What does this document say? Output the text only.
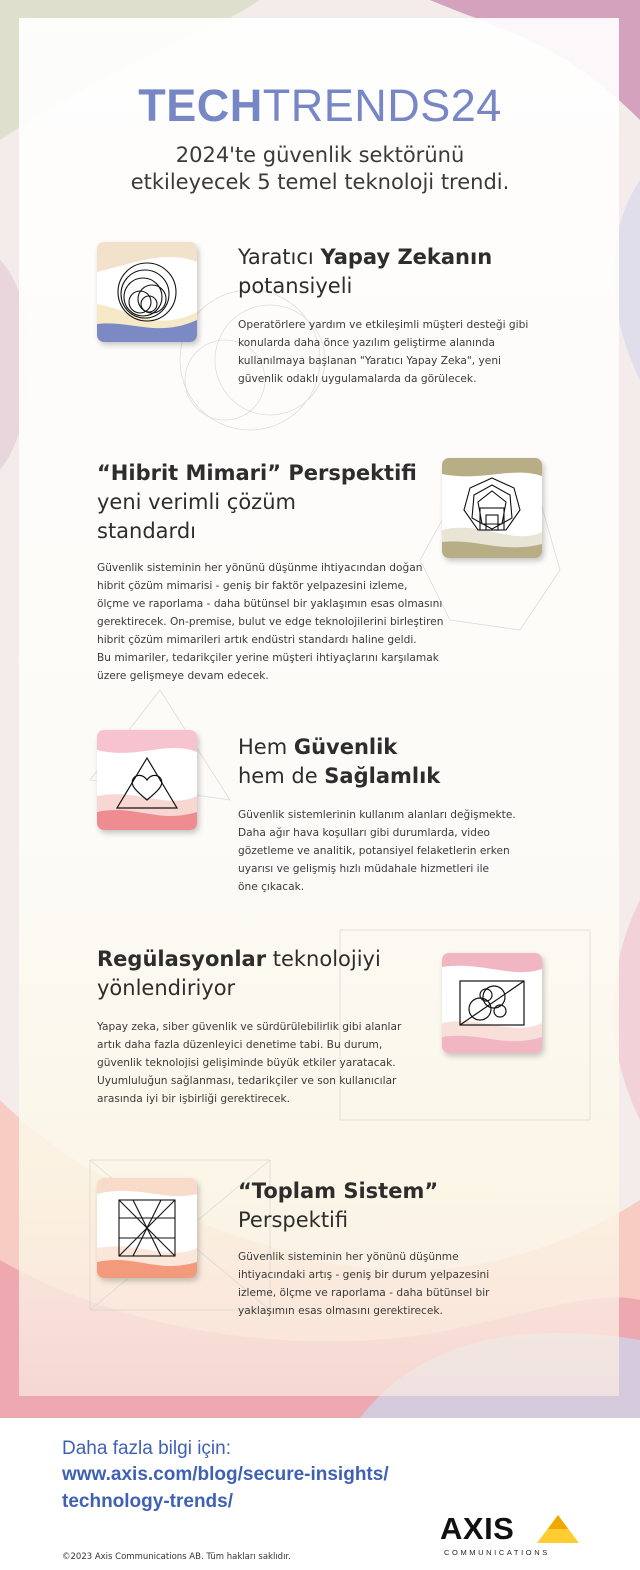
TECHTRENDS24
2024'te güvenlik sektörünü
etkileyecek 5 temel teknoloji trendi.
Yaratıcı Yapay Zekanın
potansiyeli
Operatörlere yardım ve etkileşimli müşteri desteği gibi
konularda daha önce yazılım geliştirme alanında
kullanılmaya başlanan "Yaratıcı Yapay Zeka", yeni
güvenlik odaklı uygulamalarda da görülecek.
“Hibrit Mimari” Perspektifi
yeni verimli çözüm
standardı
Güvenlik sisteminin her yönünü düşünme ihtiyacından doğan
hibrit çözüm mimarisi - geniş bir faktör yelpazesini izleme,
ölçme ve raporlama - daha bütünsel bir yaklaşımın esas olmasını
gerektirecek. On-premise, bulut ve edge teknolojilerini birleştiren
hibrit çözüm mimarileri artık endüstri standardı haline geldi.
Bu mimariler, tedarikçiler yerine müşteri ihtiyaçlarını karşılamak
üzere gelişmeye devam edecek.
Hem Güvenlik
hem de Sağlamlık
Güvenlik sistemlerinin kullanım alanları değişmekte.
Daha ağır hava koşulları gibi durumlarda, video
gözetleme ve analitik, potansiyel felaketlerin erken
uyarısı ve gelişmiş hızlı müdahale hizmetleri ile
öne çıkacak.
Regülasyonlar teknolojiyi
yönlendiriyor
Yapay zeka, siber güvenlik ve sürdürülebilirlik gibi alanlar
artık daha fazla düzenleyici denetime tabi. Bu durum,
güvenlik teknolojisi gelişiminde büyük etkiler yaratacak.
Uyumluluğun sağlanması, tedarikçiler ve son kullanıcılar
arasında iyi bir işbirliği gerektirecek.
“Toplam Sistem”
Perspektifi
Güvenlik sisteminin her yönünü düşünme
ihtiyacındaki artış - geniş bir durum yelpazesini
izleme, ölçme ve raporlama - daha bütünsel bir
yaklaşımın esas olmasını gerektirecek.
Daha fazla bilgi için:
www.axis.com/blog/secure-insights/
technology-trends/
©2023 Axis Communications AB. Tüm hakları saklıdır.
AXIS
COMMUNICATIONS
